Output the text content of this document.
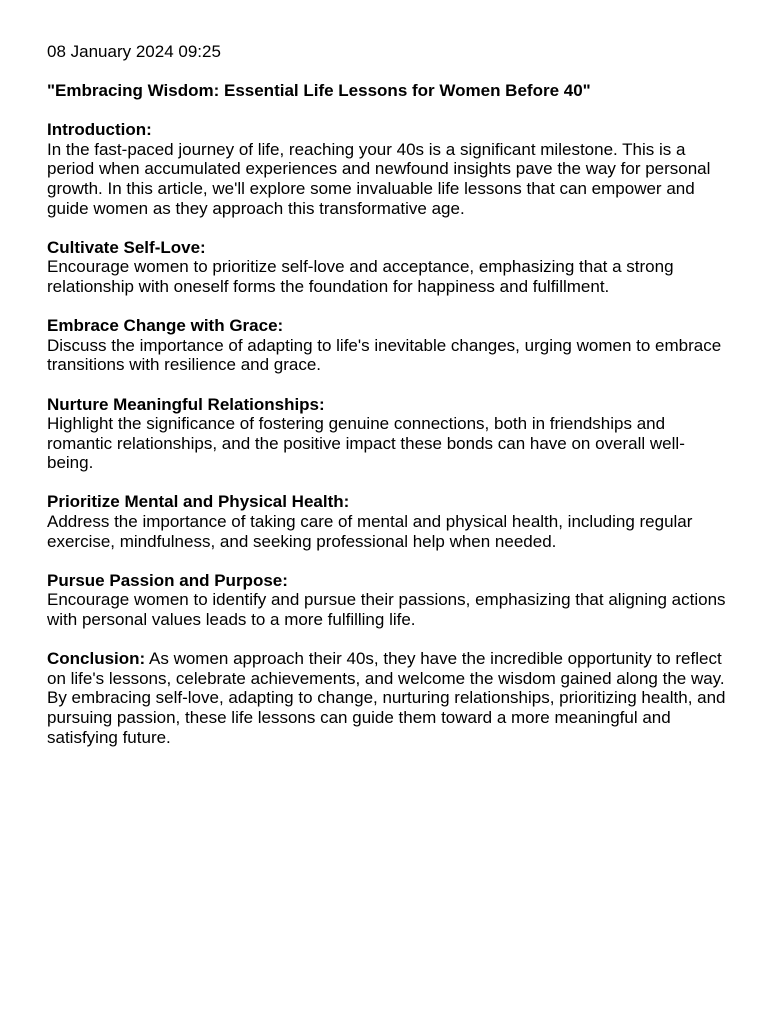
08 January 2024 09:25
"Embracing Wisdom: Essential Life Lessons for Women Before 40"
Introduction:
In the fast-paced journey of life, reaching your 40s is a significant milestone. This is a period when accumulated experiences and newfound insights pave the way for personal growth. In this article, we'll explore some invaluable life lessons that can empower and guide women as they approach this transformative age.
Cultivate Self-Love:
Encourage women to prioritize self-love and acceptance, emphasizing that a strong relationship with oneself forms the foundation for happiness and fulfillment.
Embrace Change with Grace:
Discuss the importance of adapting to life's inevitable changes, urging women to embrace transitions with resilience and grace.
Nurture Meaningful Relationships:
Highlight the significance of fostering genuine connections, both in friendships and romantic relationships, and the positive impact these bonds can have on overall well-being.
Prioritize Mental and Physical Health:
Address the importance of taking care of mental and physical health, including regular exercise, mindfulness, and seeking professional help when needed.
Pursue Passion and Purpose:
Encourage women to identify and pursue their passions, emphasizing that aligning actions with personal values leads to a more fulfilling life.
Conclusion: As women approach their 40s, they have the incredible opportunity to reflect on life's lessons, celebrate achievements, and welcome the wisdom gained along the way. By embracing self-love, adapting to change, nurturing relationships, prioritizing health, and pursuing passion, these life lessons can guide them toward a more meaningful and satisfying future.
